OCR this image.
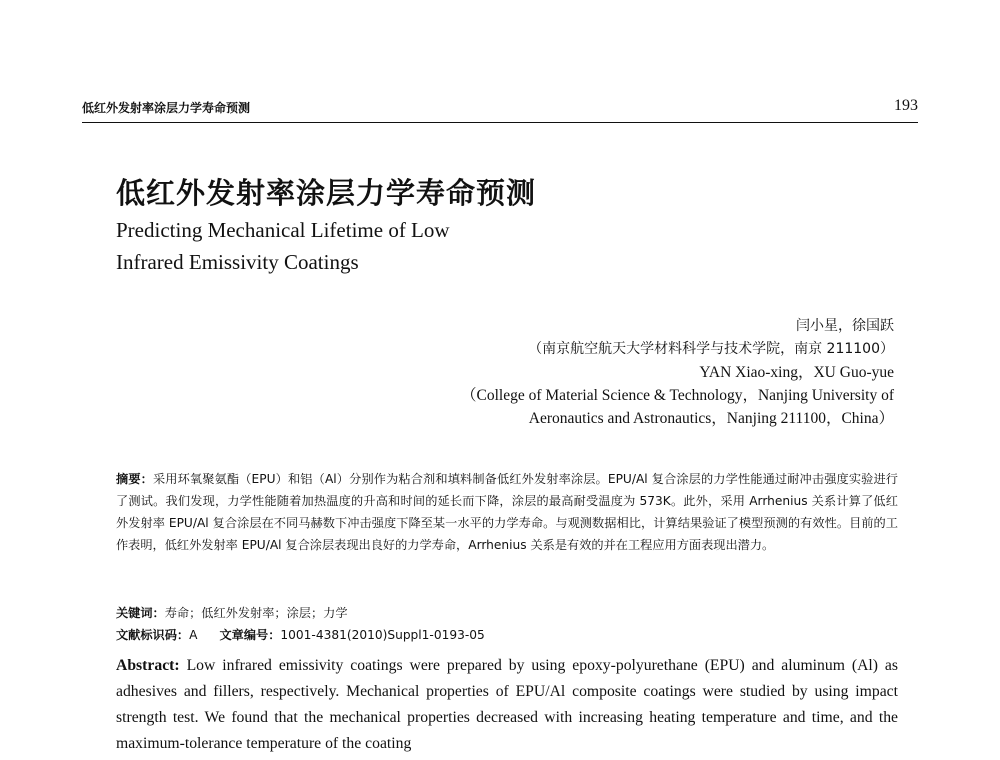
低红外发射率涂层力学寿命预测	193
低红外发射率涂层力学寿命预测
Predicting Mechanical Lifetime of Low
Infrared Emissivity Coatings
闫小星，徐国跃
（南京航空航天大学材料科学与技术学院，南京 211100）
YAN Xiao-xing，XU Guo-yue
（College of Material Science & Technology，Nanjing University of
Aeronautics and Astronautics，Nanjing 211100，China）
摘要：采用环氧聚氨酯（EPU）和铝（Al）分别作为粘合剂和填料制备低红外发射率涂层。EPU/Al 复合涂层的力学性能通过耐冲击强度实验进行了测试。我们发现，力学性能随着加热温度的升高和时间的延长而下降，涂层的最高耐受温度为 573K。此外，采用 Arrhenius 关系计算了低红外发射率 EPU/Al 复合涂层在不同马赫数下冲击强度下降至某一水平的力学寿命。与观测数据相比，计算结果验证了模型预测的有效性。目前的工作表明，低红外发射率 EPU/Al 复合涂层表现出良好的力学寿命，Arrhenius 关系是有效的并在工程应用方面表现出潜力。
关键词：寿命；低红外发射率；涂层；力学
文献标识码：A 文章编号：1001-4381(2010)Suppl1-0193-05
Abstract: Low infrared emissivity coatings were prepared by using epoxy-polyurethane (EPU) and aluminum (Al) as adhesives and fillers, respectively. Mechanical properties of EPU/Al composite coatings were studied by using impact strength test. We found that the mechanical properties decreased with increasing heating temperature and time, and the maximum-tolerance temperature of the coating
